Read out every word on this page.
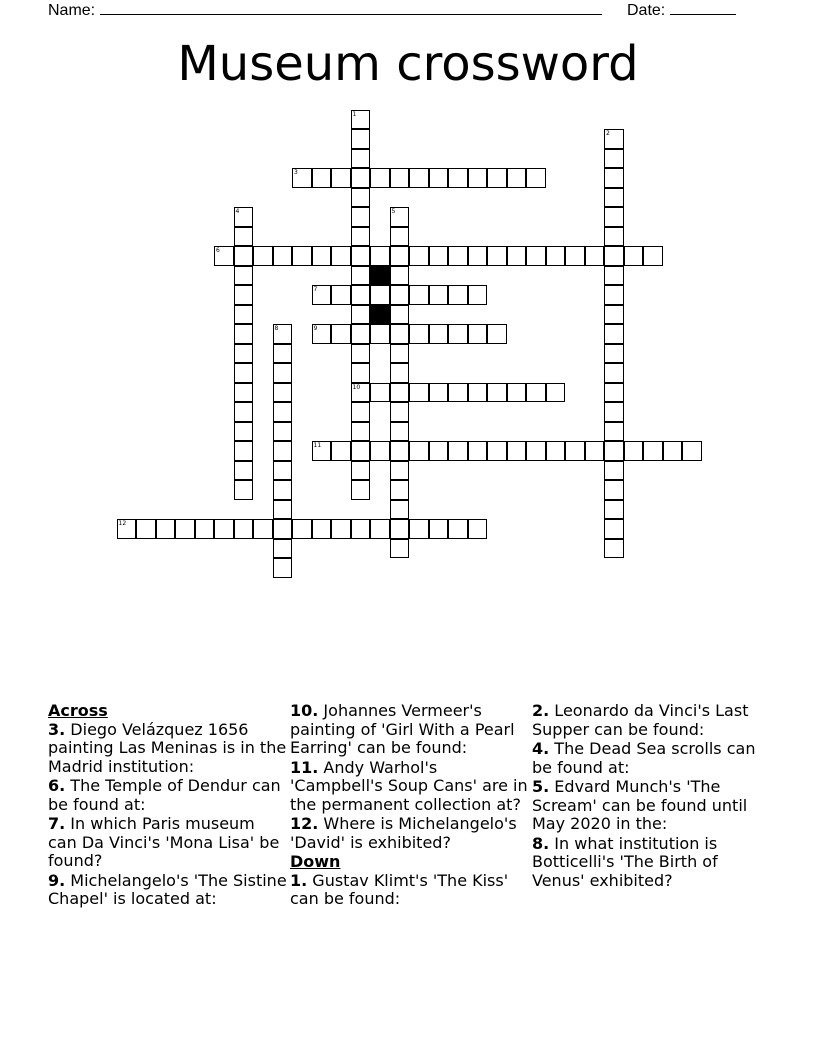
Name:	Date:
Museum crossword
1
10
2
3
4	5
6
7
8	9
11
12

Across

3. Diego Velázquez 1656 painting Las Meninas is in the Madrid institution:

6. The Temple of Dendur can be found at:

7. In which Paris museum can Da Vinci's 'Mona Lisa' be found?

9. Michelangelo's 'The Sistine Chapel' is located at:

10. Johannes Vermeer's painting of 'Girl With a Pearl Earring' can be found:

11. Andy Warhol's 'Campbell's Soup Cans' are in the permanent collection at?

12. Where is Michelangelo's 'David' is exhibited?

Down

1. Gustav Klimt's 'The Kiss' can be found:

2. Leonardo da Vinci's Last Supper can be found:

4. The Dead Sea scrolls can be found at:

5. Edvard Munch's 'The Scream' can be found until May 2020 in the:

8. In what institution is Botticelli's 'The Birth of Venus' exhibited?
